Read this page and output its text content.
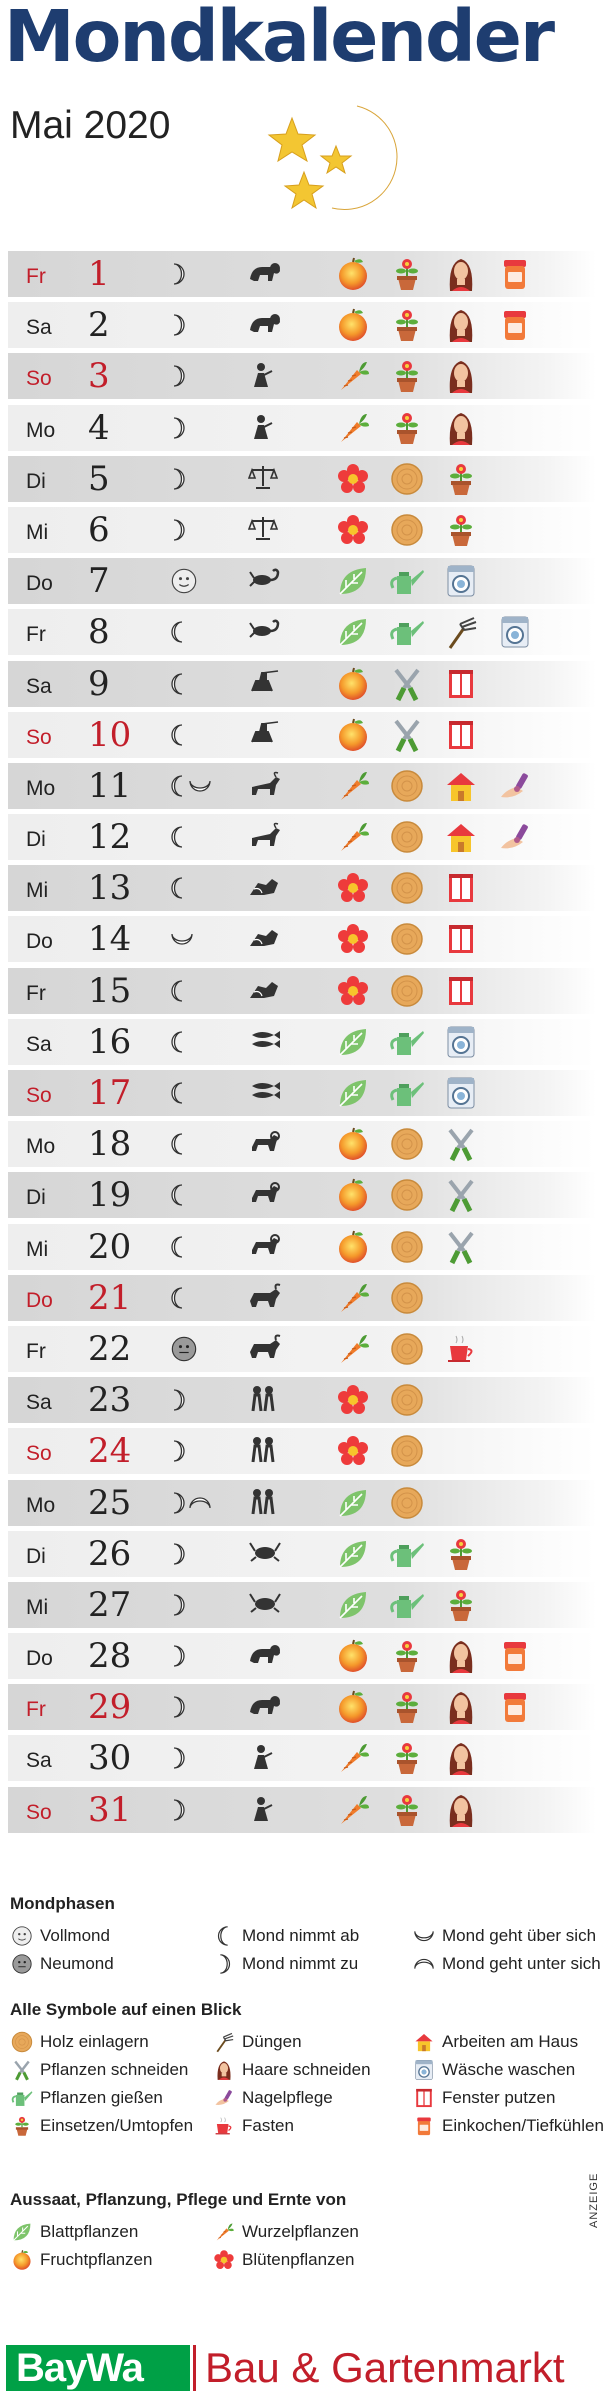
Mondkalender
Mai 2020
Fr 1
Sa 2
So 3
Mo 4
Di 5
Mi 6
Do 7
Fr 8
Sa 9
So 10
Mo 11
Di 12
Mi 13
Do 14
Fr 15
Sa 16
So 17
Mo 18
Di 19
Mi 20
Do 21
Fr 22
Sa 23
So 24
Mo 25
Di 26
Mi 27
Do 28
Fr 29
Sa 30
So 31
Mondphasen
Vollmond
Neumond
Mond nimmt ab
Mond nimmt zu
Mond geht über sich
Mond geht unter sich
Alle Symbole auf einen Blick
Holz einlagern
Pflanzen schneiden
Pflanzen gießen
Einsetzen/Umtopfen
Düngen
Haare schneiden
Nagelpflege
Fasten
Arbeiten am Haus
Wäsche waschen
Fenster putzen
Einkochen/Tiefkühlen
Aussaat, Pflanzung, Pflege und Ernte von
Blattpflanzen
Fruchtpflanzen
Wurzelpflanzen
Blütenpflanzen
ANZEIGE
BayWa	Bau & Gartenmarkt
